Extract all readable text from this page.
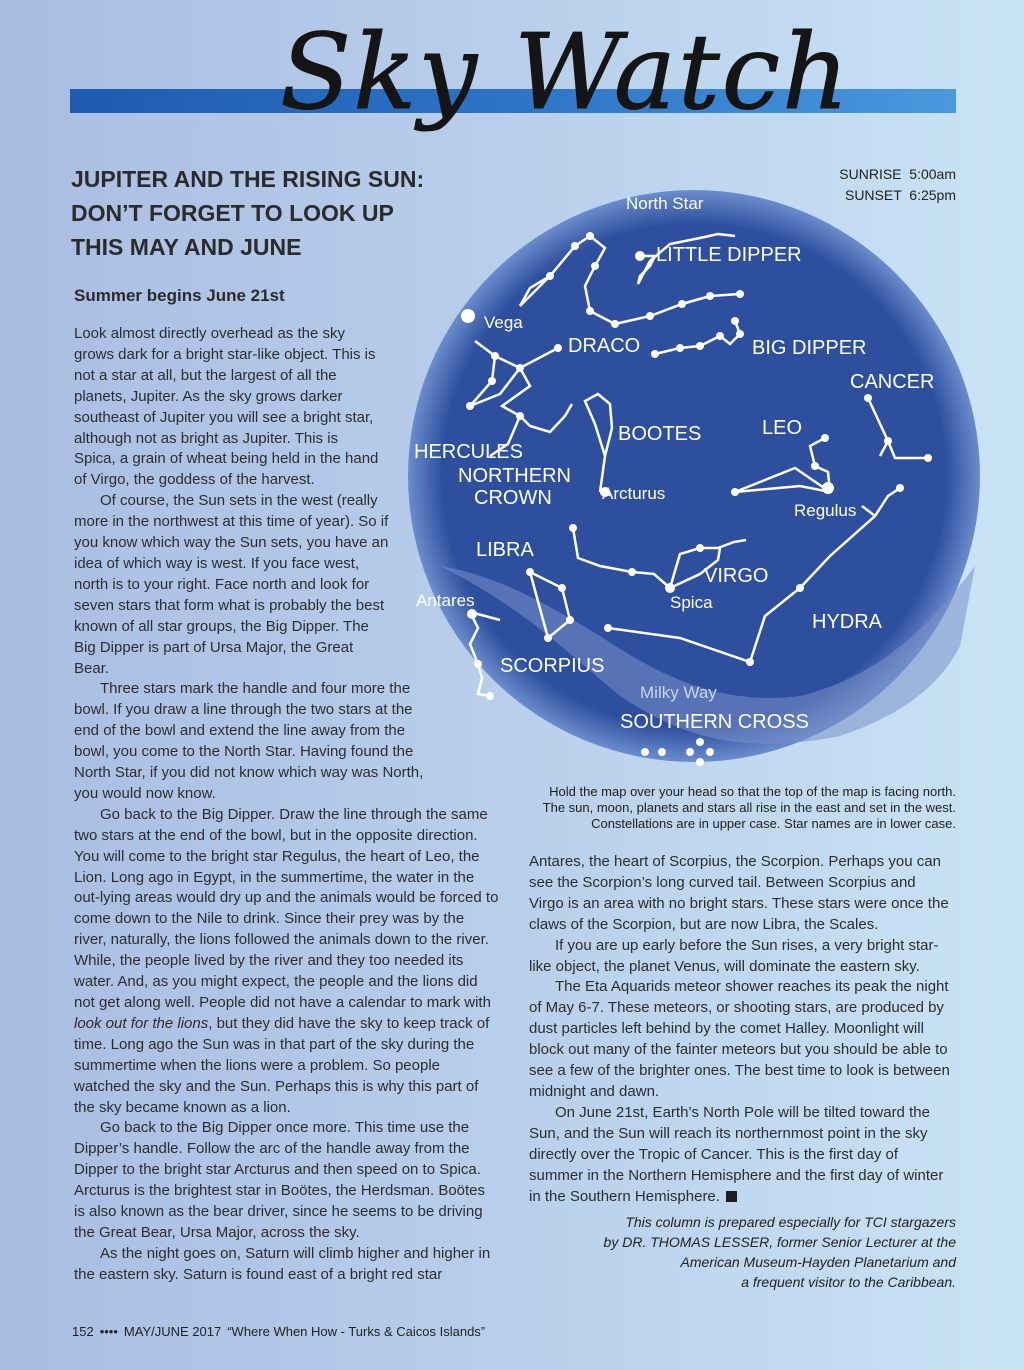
Sky Watch
JUPITER AND THE RISING SUN:
DON’T FORGET TO LOOK UP
THIS MAY AND JUNE
SUNRISE  5:00am
SUNSET  6:25pm
Summer begins June 21st

Look almost directly overhead as the sky grows dark for a bright star-like object. This is not a star at all, but the largest of all the planets, Jupiter. As the sky grows darker southeast of Jupiter you will see a bright star, although not as bright as Jupiter. This is Spica, a grain of wheat being held in the hand of Virgo, the goddess of the harvest.

Of course, the Sun sets in the west (really more in the northwest at this time of year). So if you know which way the Sun sets, you have an idea of which way is west. If you face west, north is to your right. Face north and look for seven stars that form what is probably the best known of all star groups, the Big Dipper. The Big Dipper is part of Ursa Major, the Great Bear.

Three stars mark the handle and four more the bowl. If you draw a line through the two stars at the end of the bowl and extend the line away from the bowl, you come to the North Star. Having found the North Star, if you did not know which way was North, you would now know.

Go back to the Big Dipper. Draw the line through the same two stars at the end of the bowl, but in the opposite direction. You will come to the bright star Regulus, the heart of Leo, the Lion. Long ago in Egypt, in the summertime, the water in the out-lying areas would dry up and the animals would be forced to come down to the Nile to drink. Since their prey was by the river, naturally, the lions followed the animals down to the river. While, the people lived by the river and they too needed its water. And, as you might expect, the people and the lions did not get along well. People did not have a calendar to mark with look out for the lions, but they did have the sky to keep track of time. Long ago the Sun was in that part of the sky during the summertime when the lions were a problem. So people watched the sky and the Sun. Perhaps this is why this part of the sky became known as a lion.

Go back to the Big Dipper once more. This time use the Dipper’s handle. Follow the arc of the handle away from the Dipper to the bright star Arcturus and then speed on to Spica. Arcturus is the brightest star in Boötes, the Herdsman. Boötes is also known as the bear driver, since he seems to be driving the Great Bear, Ursa Major, across the sky.

As the night goes on, Saturn will climb higher and higher in the eastern sky. Saturn is found east of a bright red star

North Star
LITTLE DIPPER
Vega
DRACO	BIG DIPPER
CANCER
BOOTES	LEO
HERCULES
NORTHERN
CROWN	Arcturus
Regulus
LIBRA
VIRGO
Spica
Antares
HYDRA
SCORPIUS
Milky Way
SOUTHERN CROSS
Hold the map over your head so that the top of the map is facing north.
The sun, moon, planets and stars all rise in the east and set in the west.
Constellations are in upper case. Star names are in lower case.

Antares, the heart of Scorpius, the Scorpion. Perhaps you can see the Scorpion’s long curved tail. Between Scorpius and Virgo is an area with no bright stars. These stars were once the claws of the Scorpion, but are now Libra, the Scales.

If you are up early before the Sun rises, a very bright star-like object, the planet Venus, will dominate the eastern sky.

The Eta Aquarids meteor shower reaches its peak the night of May 6-7. These meteors, or shooting stars, are produced by dust particles left behind by the comet Halley. Moonlight will block out many of the fainter meteors but you should be able to see a few of the brighter ones. The best time to look is between midnight and dawn.

On June 21st, Earth’s North Pole will be tilted toward the Sun, and the Sun will reach its northernmost point in the sky directly over the Tropic of Cancer. This is the first day of summer in the Northern Hemisphere and the first day of winter in the Southern Hemisphere.

This column is prepared especially for TCI stargazers
by DR. THOMAS LESSER, former Senior Lecturer at the
American Museum-Hayden Planetarium and
a frequent visitor to the Caribbean.
152 •••• MAY/JUNE 2017 “Where When How - Turks & Caicos Islands”
